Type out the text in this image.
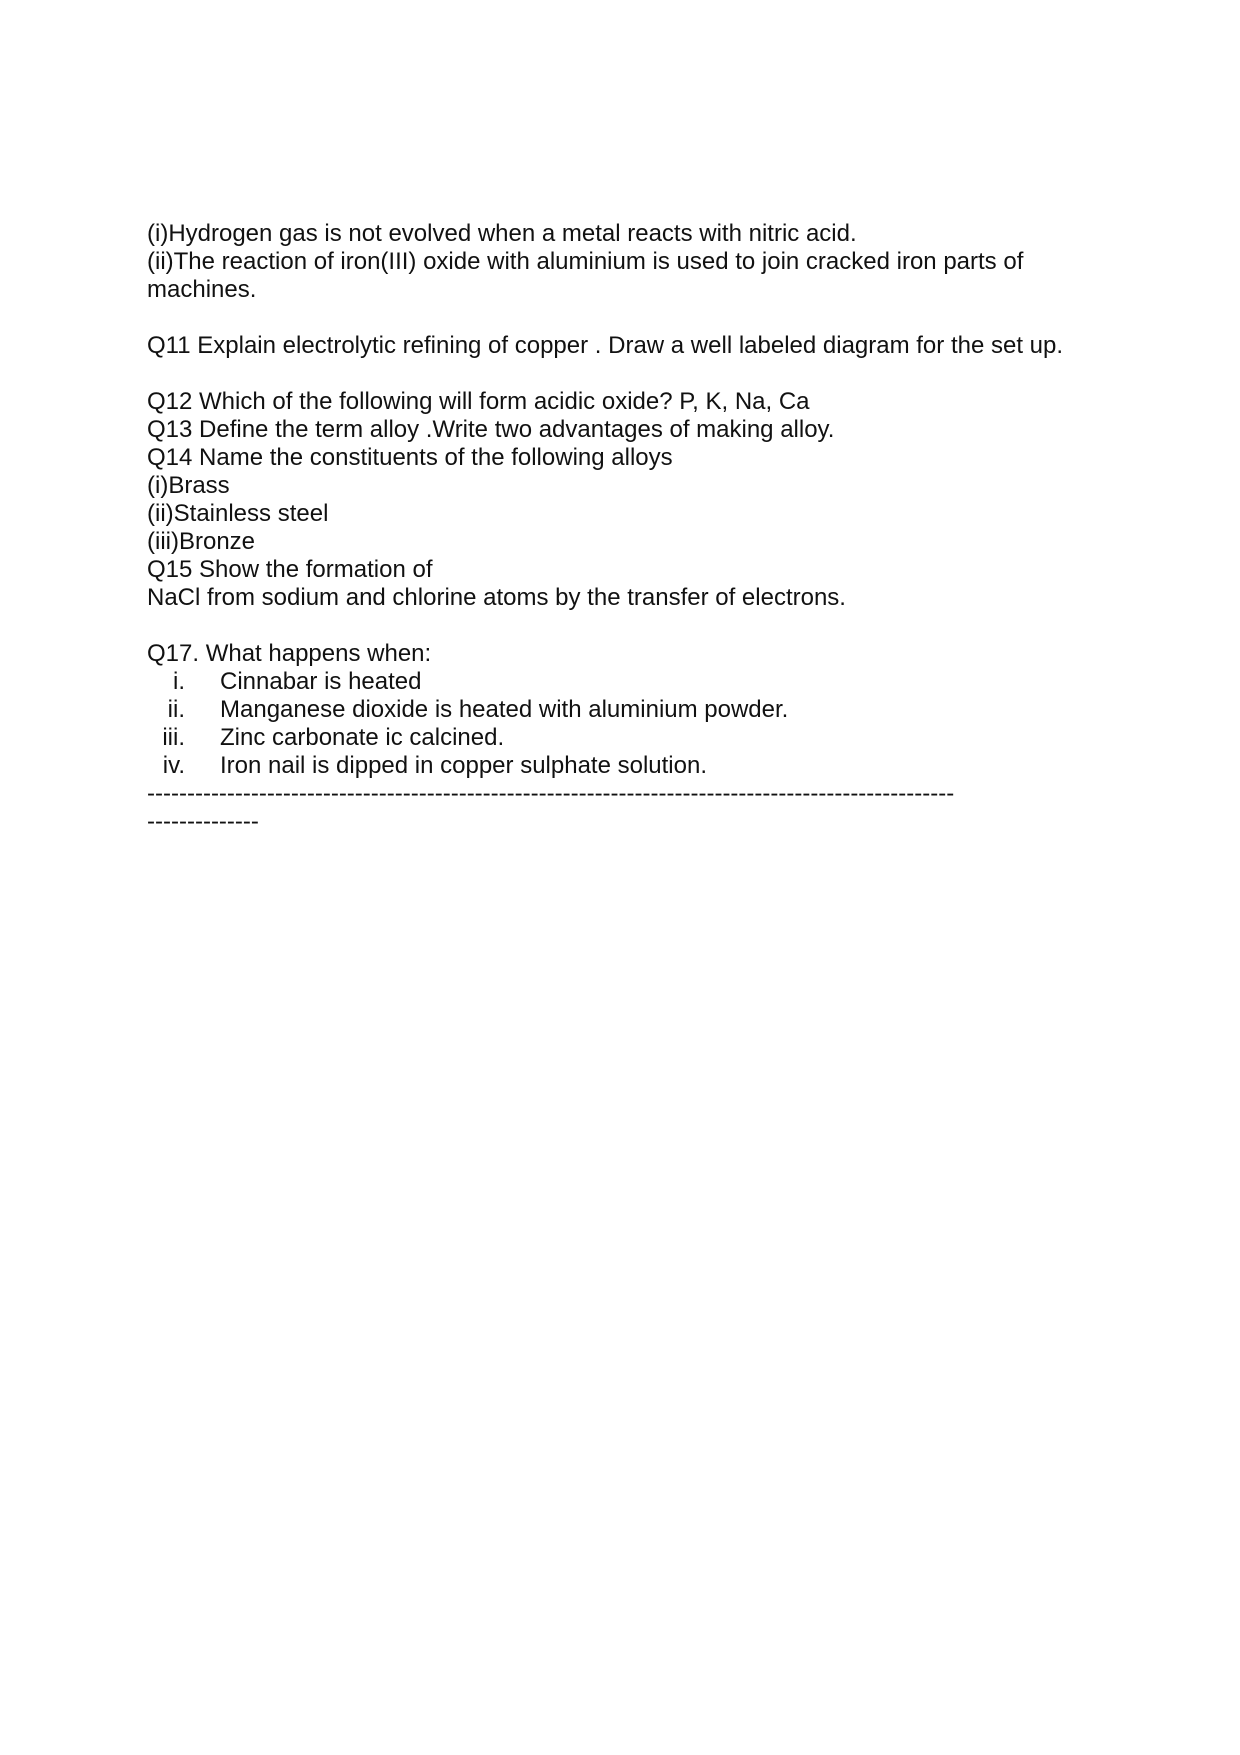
(i)Hydrogen gas is not evolved when a metal reacts with nitric acid.
(ii)The reaction of iron(III) oxide with aluminium is used to join cracked iron parts of
machines.
Q11 Explain electrolytic refining of copper . Draw a well labeled diagram for the set up.
Q12 Which of the following will form acidic oxide? P, K, Na, Ca
Q13 Define the term alloy .Write two advantages of making alloy.
Q14 Name the constituents of the following alloys
(i)Brass
(ii)Stainless steel
(iii)Bronze
Q15 Show the formation of
NaCl from sodium and chlorine atoms by the transfer of electrons.
Q17. What happens when:
i. Cinnabar is heated
ii. Manganese dioxide is heated with aluminium powder.
iii. Zinc carbonate ic calcined.
iv. Iron nail is dipped in copper sulphate solution.
-----------------------------------------------------------------------------------------------------
--------------
